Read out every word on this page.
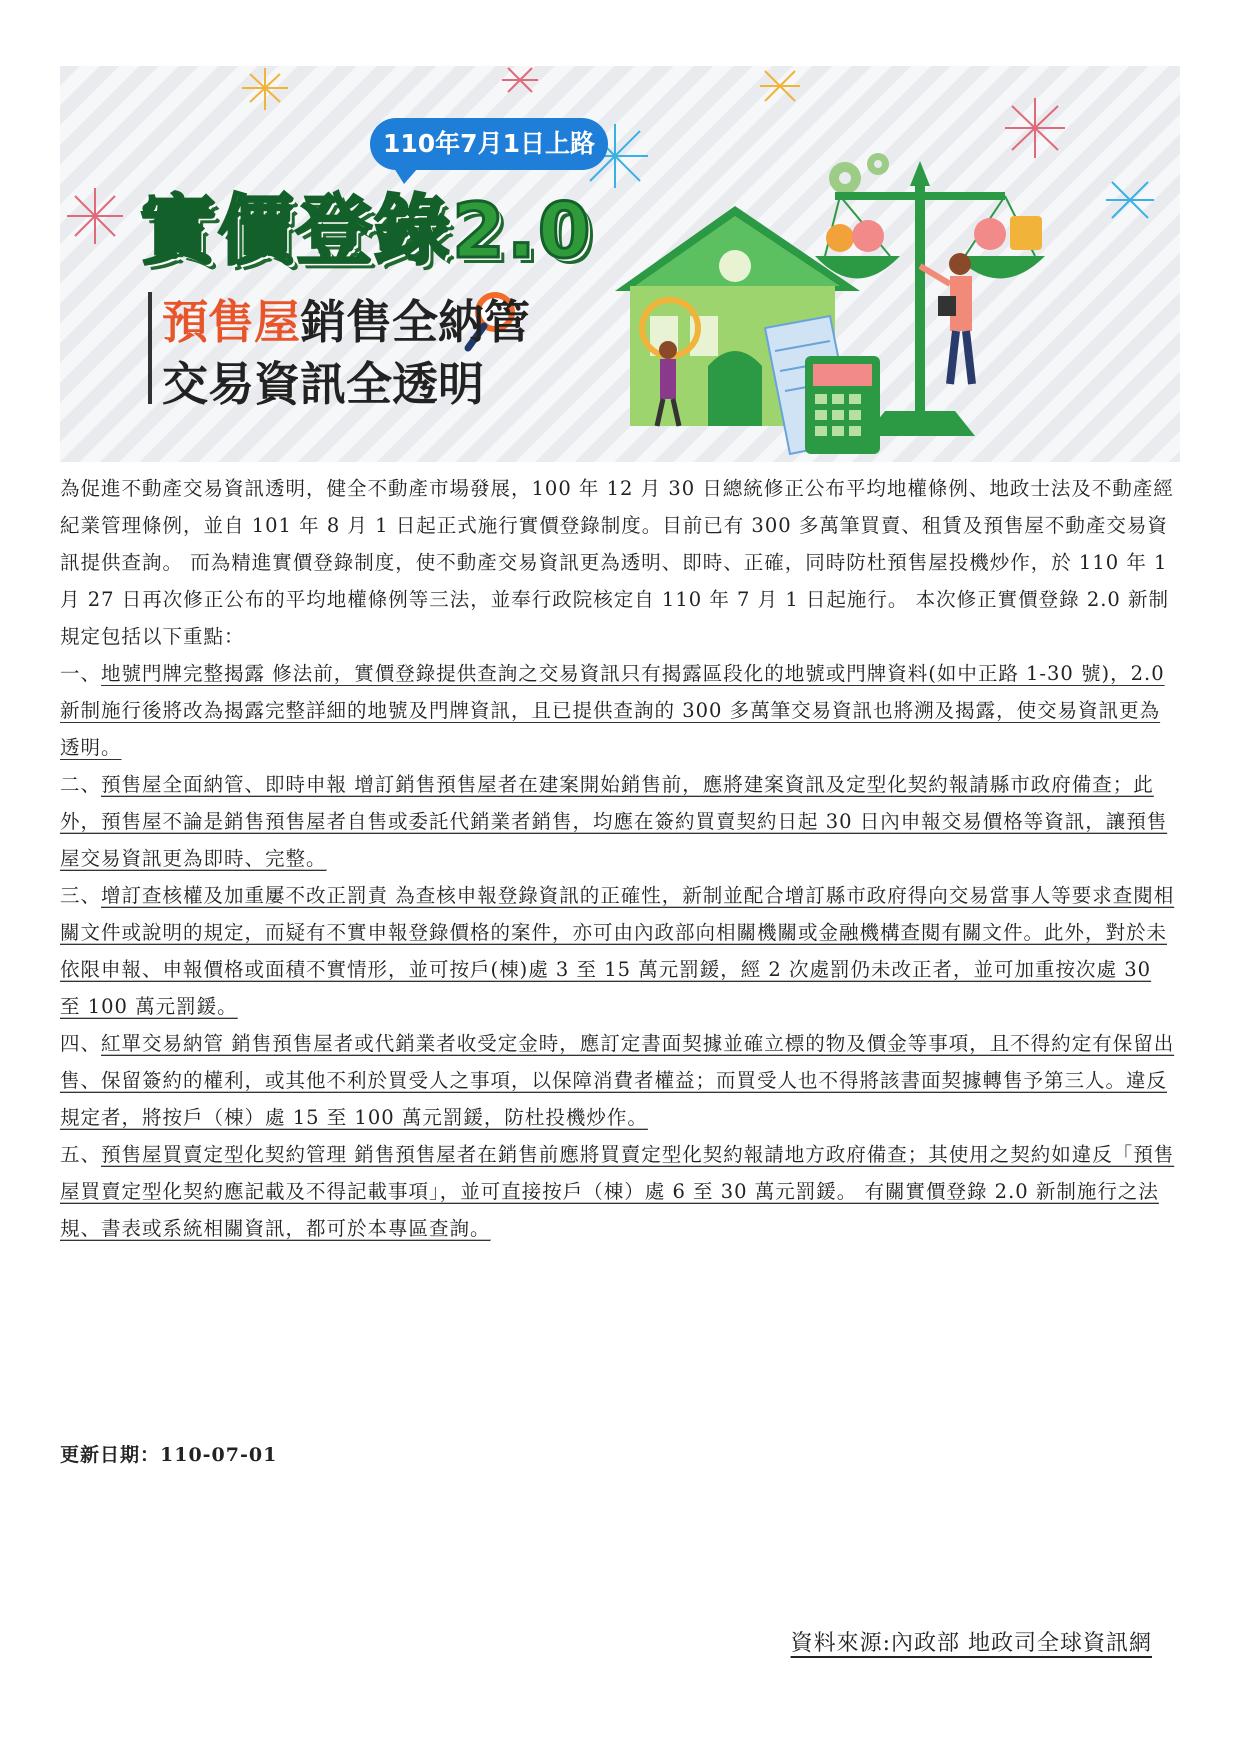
110年7月1日上路
實價登錄2.0
預售屋銷售全納管
交易資訊全透明

為促進不動產交易資訊透明，健全不動產市場發展，100 年 12 月 30 日總統修正公布平均地權條例、地政士法及不動產經紀業管理條例，並自 101 年 8 月 1 日起正式施行實價登錄制度。目前已有 300 多萬筆買賣、租賃及預售屋不動產交易資訊提供查詢。 而為精進實價登錄制度，使不動產交易資訊更為透明、即時、正確，同時防杜預售屋投機炒作，於 110 年 1 月 27 日再次修正公布的平均地權條例等三法，並奉行政院核定自 110 年 7 月 1 日起施行。 本次修正實價登錄 2.0 新制規定包括以下重點：

一、地號門牌完整揭露 修法前，實價登錄提供查詢之交易資訊只有揭露區段化的地號或門牌資料(如中正路 1-30 號)，2.0 新制施行後將改為揭露完整詳細的地號及門牌資訊，且已提供查詢的 300 多萬筆交易資訊也將溯及揭露，使交易資訊更為透明。

二、預售屋全面納管、即時申報 增訂銷售預售屋者在建案開始銷售前，應將建案資訊及定型化契約報請縣市政府備查；此外，預售屋不論是銷售預售屋者自售或委託代銷業者銷售，均應在簽約買賣契約日起 30 日內申報交易價格等資訊，讓預售屋交易資訊更為即時、完整。

三、增訂查核權及加重屢不改正罰責 為查核申報登錄資訊的正確性，新制並配合增訂縣市政府得向交易當事人等要求查閱相關文件或說明的規定，而疑有不實申報登錄價格的案件，亦可由內政部向相關機關或金融機構查閱有關文件。此外，對於未依限申報、申報價格或面積不實情形，並可按戶(棟)處 3 至 15 萬元罰鍰，經 2 次處罰仍未改正者，並可加重按次處 30 至 100 萬元罰鍰。

四、紅單交易納管 銷售預售屋者或代銷業者收受定金時，應訂定書面契據並確立標的物及價金等事項，且不得約定有保留出售、保留簽約的權利，或其他不利於買受人之事項，以保障消費者權益；而買受人也不得將該書面契據轉售予第三人。違反規定者，將按戶（棟）處 15 至 100 萬元罰鍰，防杜投機炒作。

五、預售屋買賣定型化契約管理 銷售預售屋者在銷售前應將買賣定型化契約報請地方政府備查；其使用之契約如違反「預售屋買賣定型化契約應記載及不得記載事項」，並可直接按戶（棟）處 6 至 30 萬元罰鍰。 有關實價登錄 2.0 新制施行之法規、書表或系統相關資訊，都可於本專區查詢。

更新日期：110-07-01
資料來源:內政部 地政司全球資訊網
